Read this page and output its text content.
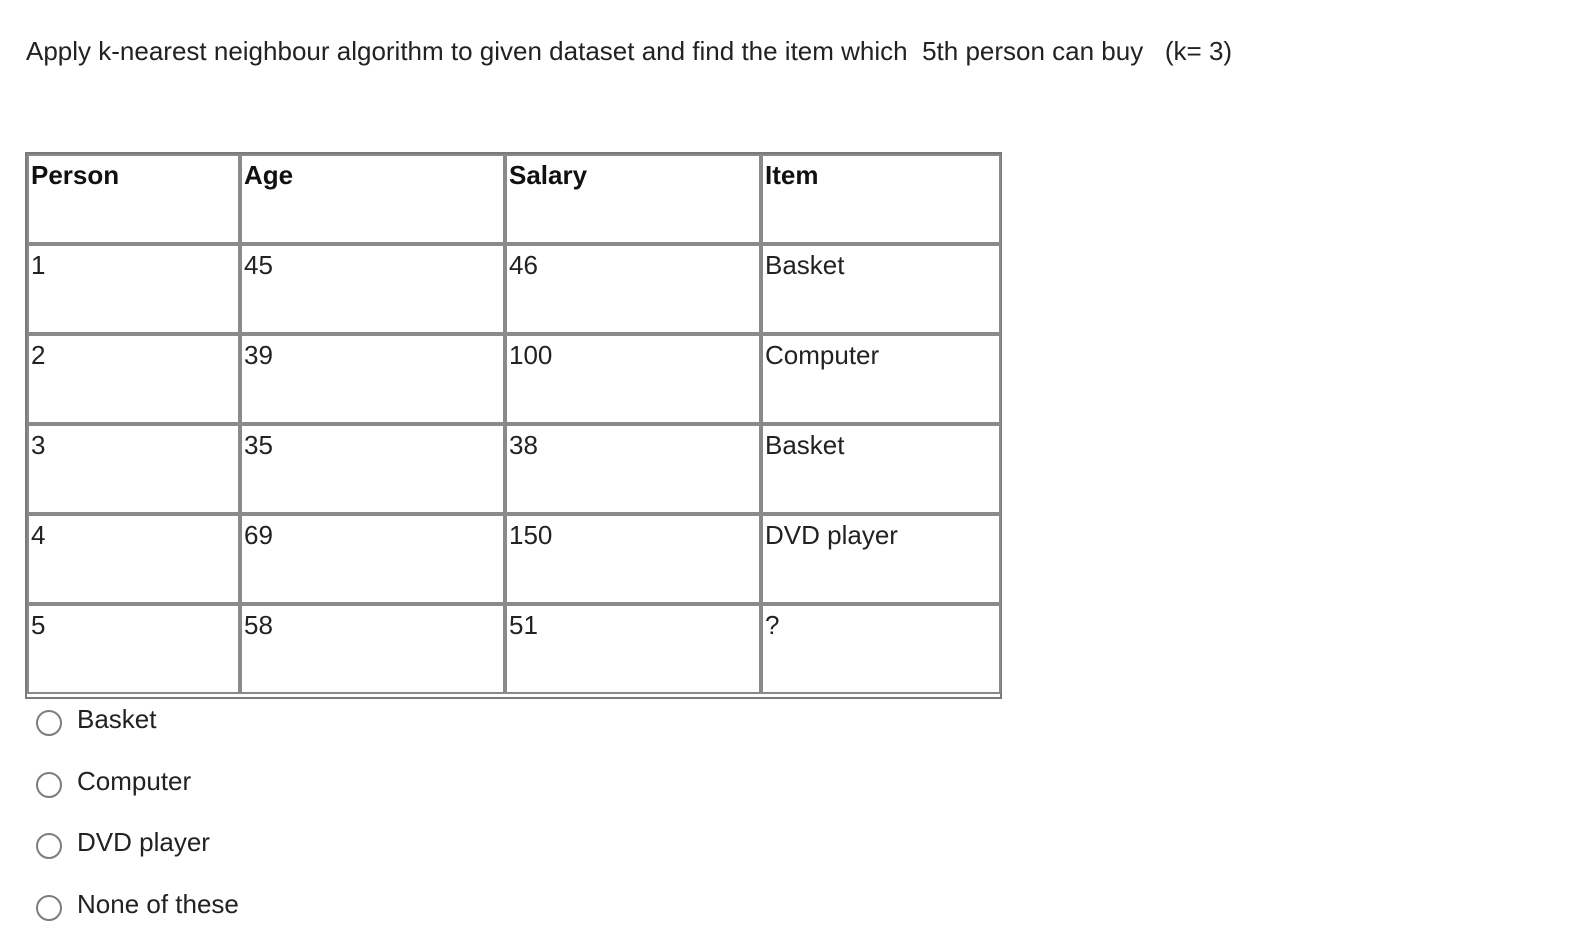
Apply k-nearest neighbour algorithm to given dataset and find the item which  5th person can buy   (k= 3)
Person	Age	Salary	Item
1	45	46	Basket
2	39	100	Computer
3	35	38	Basket
4	69	150	DVD player
5	58	51	?
Basket
Computer
DVD player
None of these
